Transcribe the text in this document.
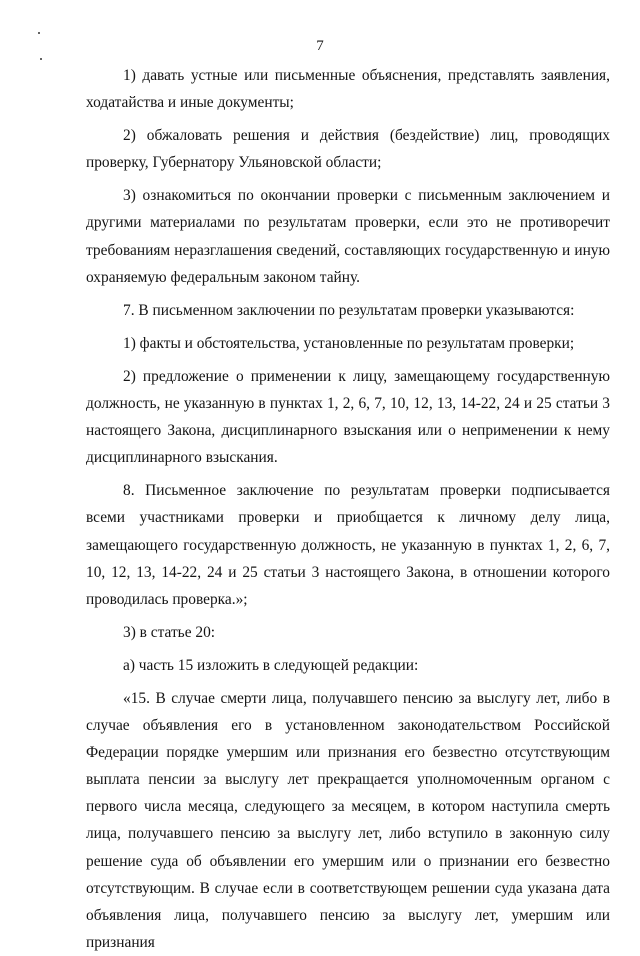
7

1) давать устные или письменные объяснения, представлять заявления, ходатайства и иные документы;

2) обжаловать решения и действия (бездействие) лиц, проводящих проверку, Губернатору Ульяновской области;

3) ознакомиться по окончании проверки с письменным заключением и другими материалами по результатам проверки, если это не противоречит требованиям неразглашения сведений, составляющих государственную и иную охраняемую федеральным законом тайну.

7. В письменном заключении по результатам проверки указываются:

1) факты и обстоятельства, установленные по результатам проверки;

2) предложение о применении к лицу, замещающему государственную должность, не указанную в пунктах 1, 2, 6, 7, 10, 12, 13, 14-22, 24 и 25 статьи 3 настоящего Закона, дисциплинарного взыскания или о неприменении к нему дисциплинарного взыскания.

8. Письменное заключение по результатам проверки подписывается всеми участниками проверки и приобщается к личному делу лица, замещающего государственную должность, не указанную в пунктах 1, 2, 6, 7, 10, 12, 13, 14-22, 24 и 25 статьи 3 настоящего Закона, в отношении которого проводилась проверка.»;

3) в статье 20:

а) часть 15 изложить в следующей редакции:

«15. В случае смерти лица, получавшего пенсию за выслугу лет, либо в случае объявления его в установленном законодательством Российской Федерации порядке умершим или признания его безвестно отсутствующим выплата пенсии за выслугу лет прекращается уполномоченным органом с первого числа месяца, следующего за месяцем, в котором наступила смерть лица, получавшего пенсию за выслугу лет, либо вступило в законную силу решение суда об объявлении его умершим или о признании его безвестно отсутствующим. В случае если в соответствующем решении суда указана дата объявления лица, получавшего пенсию за выслугу лет, умершим или признания
